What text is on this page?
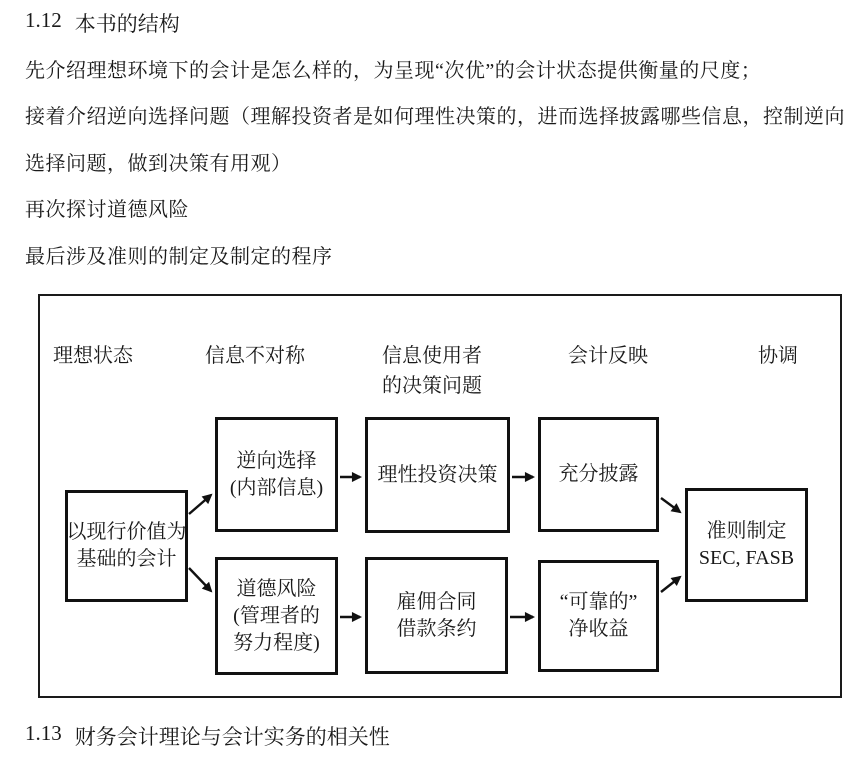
1.12 本书的结构
先介绍理想环境下的会计是怎么样的，为呈现“次优”的会计状态提供衡量的尺度；
接着介绍逆向选择问题（理解投资者是如何理性决策的，进而选择披露哪些信息，控制逆向
选择问题，做到决策有用观）
再次探讨道德风险
最后涉及准则的制定及制定的程序
理想状态	信息不对称	信息使用者
的决策问题
会计反映	协调
以现行价值为
基础的会计
逆向选择
(内部信息)
理性投资决策	充分披露
道德风险
(管理者的
努力程度)
雇佣合同
借款条约
“可靠的”
净收益
准则制定
SEC, FASB
1.13 财务会计理论与会计实务的相关性
